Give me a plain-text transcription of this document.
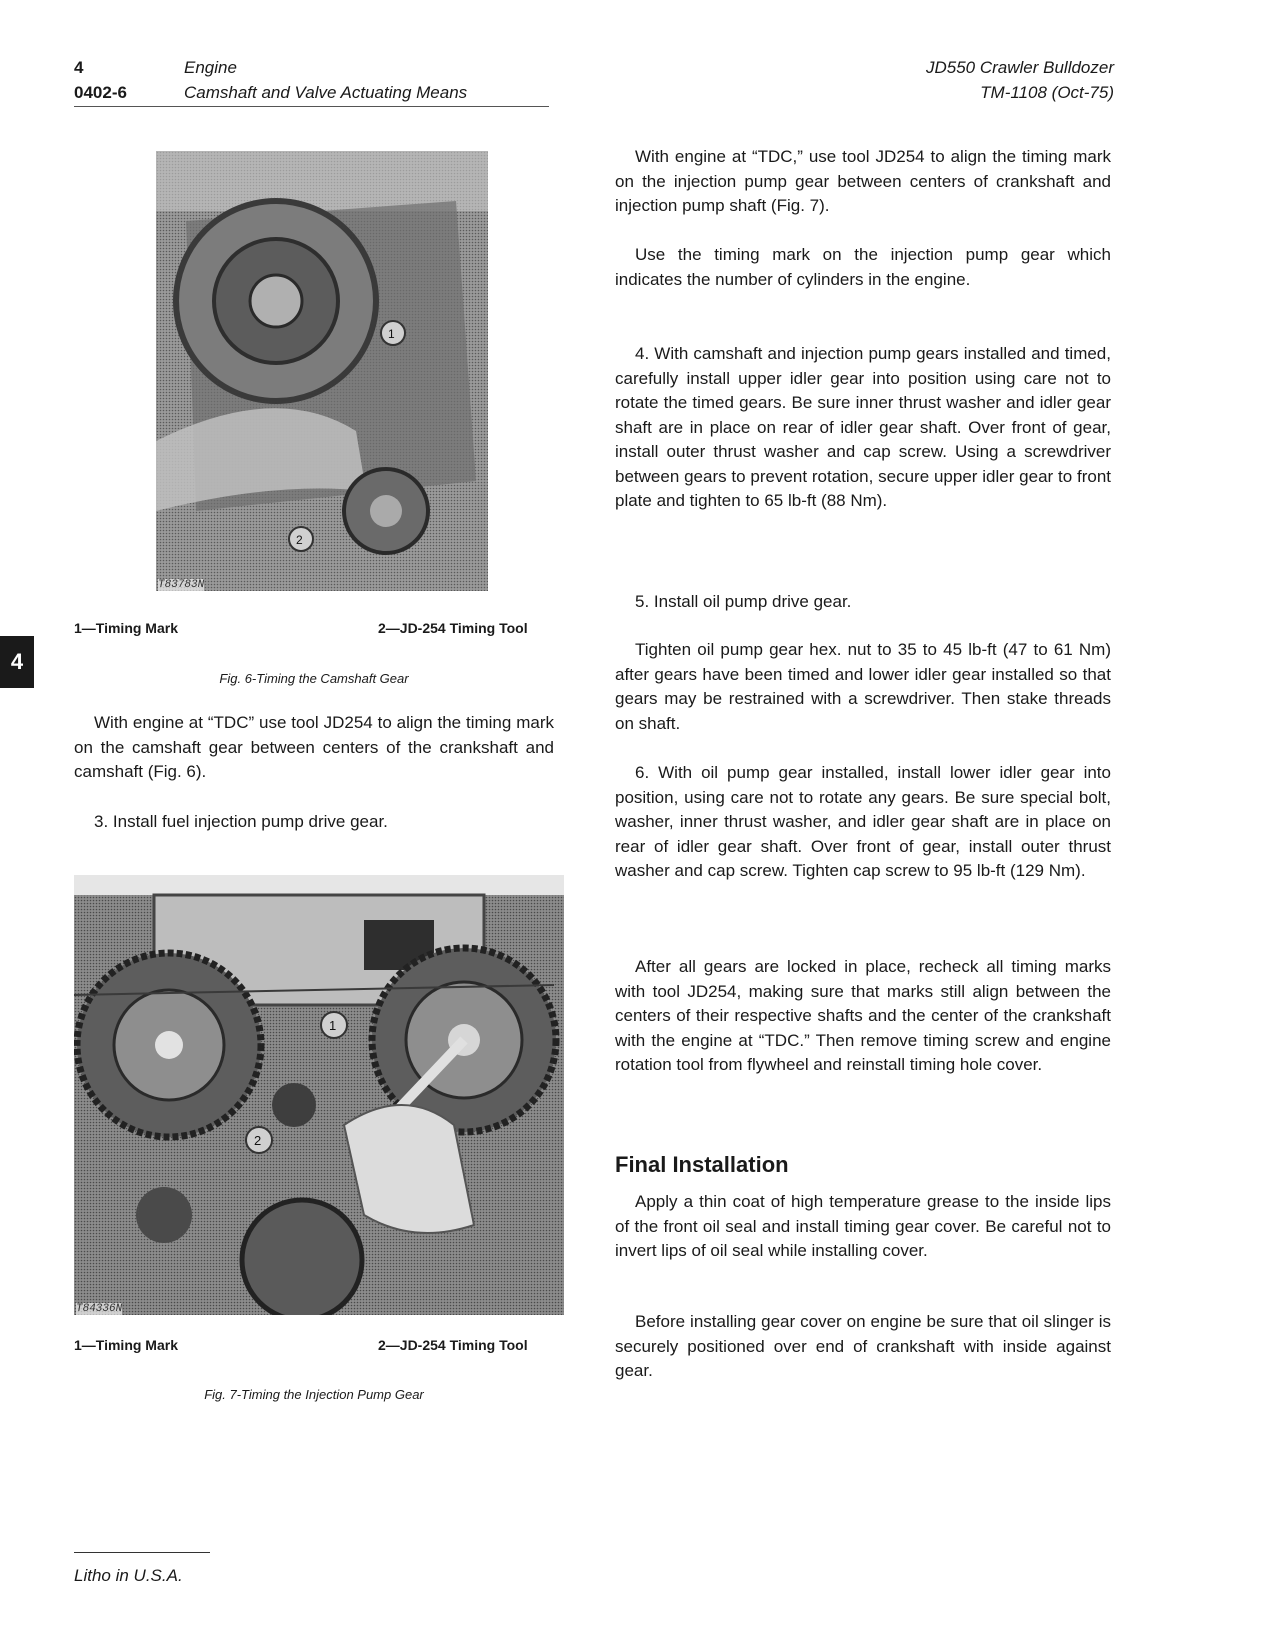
4
0402-6
Engine
Camshaft and Valve Actuating Means
JD550 Crawler Bulldozer
TM-1108 (Oct-75)
4
1
2
T83783N
1—Timing Mark	2—JD-254 Timing Tool
Fig. 6-Timing the Camshaft Gear

With engine at “TDC” use tool JD254 to align the timing mark on the camshaft gear between centers of the crankshaft and camshaft (Fig. 6).

3. Install fuel injection pump drive gear.

1
2
T84336N
1—Timing Mark	2—JD-254 Timing Tool
Fig. 7-Timing the Injection Pump Gear

With engine at “TDC,” use tool JD254 to align the timing mark on the injection pump gear between centers of crankshaft and injection pump shaft (Fig. 7).

Use the timing mark on the injection pump gear which indicates the number of cylinders in the engine.

4. With camshaft and injection pump gears installed and timed, carefully install upper idler gear into position using care not to rotate the timed gears. Be sure inner thrust washer and idler gear shaft are in place on rear of idler gear shaft. Over front of gear, install outer thrust washer and cap screw. Using a screwdriver between gears to prevent rotation, secure upper idler gear to front plate and tighten to 65 lb-ft (88 Nm).

5. Install oil pump drive gear.

Tighten oil pump gear hex. nut to 35 to 45 lb-ft (47 to 61 Nm) after gears have been timed and lower idler gear installed so that gears may be restrained with a screwdriver. Then stake threads on shaft.

6. With oil pump gear installed, install lower idler gear into position, using care not to rotate any gears. Be sure special bolt, washer, inner thrust washer, and idler gear shaft are in place on rear of idler gear shaft. Over front of gear, install outer thrust washer and cap screw. Tighten cap screw to 95 lb-ft (129 Nm).

After all gears are locked in place, recheck all timing marks with tool JD254, making sure that marks still align between the centers of their respective shafts and the center of the crankshaft with the engine at “TDC.” Then remove timing screw and engine rotation tool from flywheel and reinstall timing hole cover.

Final Installation

Apply a thin coat of high temperature grease to the inside lips of the front oil seal and install timing gear cover. Be careful not to invert lips of oil seal while installing cover.

Before installing gear cover on engine be sure that oil slinger is securely positioned over end of crankshaft with inside against gear.

Litho in U.S.A.
